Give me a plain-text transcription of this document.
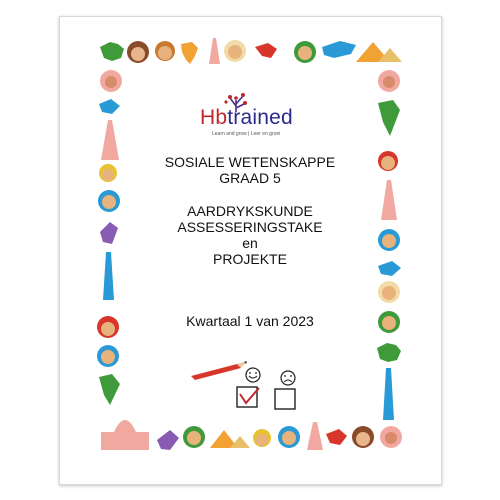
Hbtrained
Learn and grow | Leer en groei
SOSIALE WETENSKAPPE
GRAAD 5
AARDRYKSKUNDE
ASSESSERINGSTAKE
en
PROJEKTE
Kwartaal 1 van 2023
